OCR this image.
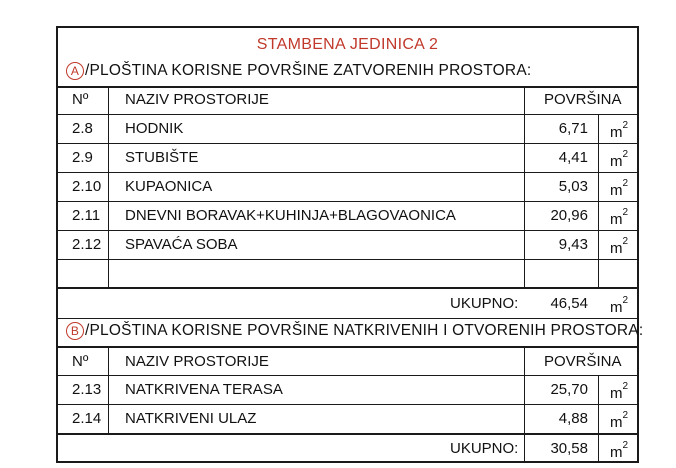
STAMBENA JEDINICA 2
A /PLOŠTINA KORISNE POVRŠINE ZATVORENIH PROSTORA:
Nº NAZIV PROSTORIJE	POVRŠINA
2.8 HODNIK	6,71 $m^2$
2.9 STUBIŠTE	4,41 $m^2$
2.10 KUPAONICA	5,03 $m^2$
2.11 DNEVNI BORAVAK+KUHINJA+BLAGOVAONICA	20,96 $m^2$
2.12 SPAVAĆA SOBA	9,43 $m^2$
UKUPNO:	46,54 $m^2$
B /PLOŠTINA KORISNE POVRŠINE NATKRIVENIH I OTVORENIH PROSTORA:
Nº NAZIV PROSTORIJE	POVRŠINA
2.13 NATKRIVENA TERASA	25,70 $m^2$
2.14 NATKRIVENI ULAZ	4,88 $m^2$
UKUPNO:	30,58 $m^2$
